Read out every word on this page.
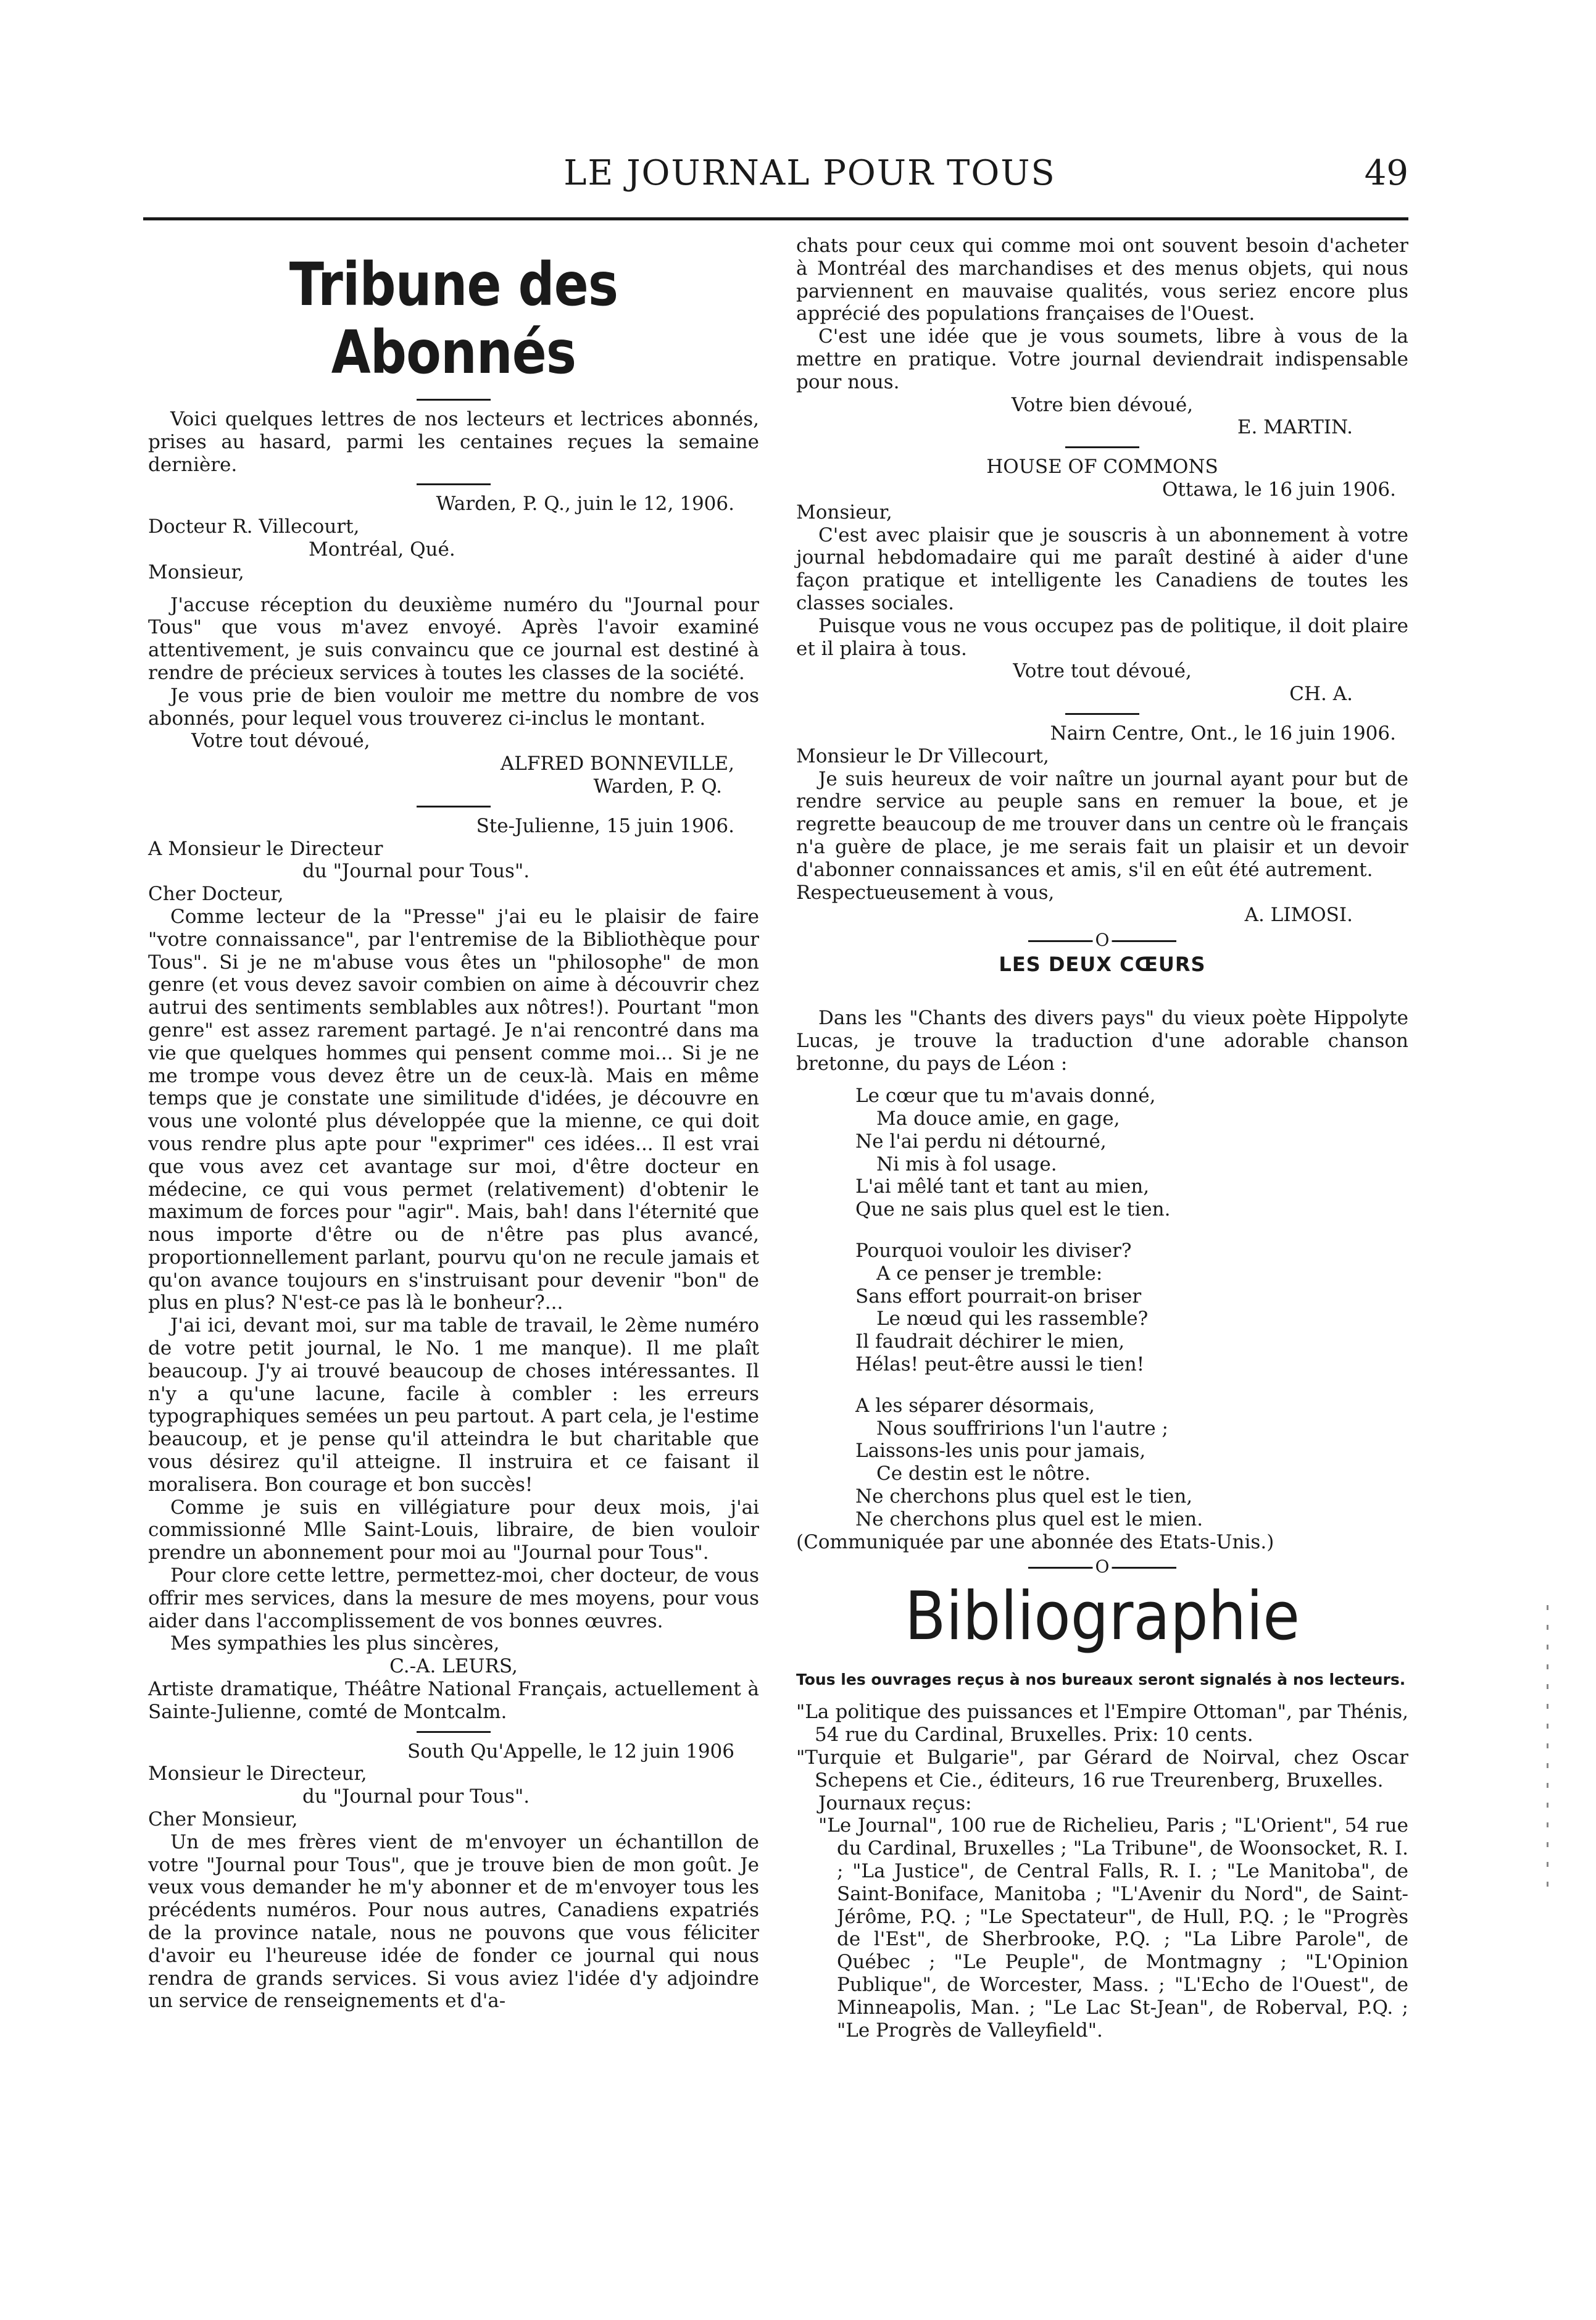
LE JOURNAL POUR TOUS	49
Tribune des Abonnés

Voici quelques lettres de nos lecteurs et lectrices abonnés, prises au hasard, parmi les centaines reçues la semaine dernière.

Warden, P. Q., juin le 12, 1906.

Docteur R. Villecourt,

Montréal, Qué.

Monsieur,

J'accuse réception du deuxième numéro du "Journal pour Tous" que vous m'avez envoyé. Après l'avoir examiné attentivement, je suis convaincu que ce journal est destiné à rendre de précieux services à toutes les classes de la société.

Je vous prie de bien vouloir me mettre du nombre de vos abonnés, pour lequel vous trouverez ci-inclus le montant.

Votre tout dévoué,

ALFRED BONNEVILLE,

Warden, P. Q.

Ste-Julienne, 15 juin 1906.

A Monsieur le Directeur

du "Journal pour Tous".

Cher Docteur,

Comme lecteur de la "Presse" j'ai eu le plaisir de faire "votre connaissance", par l'entremise de la Bibliothèque pour Tous". Si je ne m'abuse vous êtes un "philosophe" de mon genre (et vous devez savoir combien on aime à découvrir chez autrui des sentiments semblables aux nôtres!). Pourtant "mon genre" est assez rarement partagé. Je n'ai rencontré dans ma vie que quelques hommes qui pensent comme moi... Si je ne me trompe vous devez être un de ceux-là. Mais en même temps que je constate une similitude d'idées, je découvre en vous une volonté plus développée que la mienne, ce qui doit vous rendre plus apte pour "exprimer" ces idées... Il est vrai que vous avez cet avantage sur moi, d'être docteur en médecine, ce qui vous permet (relativement) d'obtenir le maximum de forces pour "agir". Mais, bah! dans l'éternité que nous importe d'être ou de n'être pas plus avancé, proportionnellement parlant, pourvu qu'on ne recule jamais et qu'on avance toujours en s'instruisant pour devenir "bon" de plus en plus? N'est-ce pas là le bonheur?...

J'ai ici, devant moi, sur ma table de travail, le 2ème numéro de votre petit journal, le No. 1 me manque). Il me plaît beaucoup. J'y ai trouvé beaucoup de choses intéressantes. Il n'y a qu'une lacune, facile à combler : les erreurs typographiques semées un peu partout. A part cela, je l'estime beaucoup, et je pense qu'il atteindra le but charitable que vous désirez qu'il atteigne. Il instruira et ce faisant il moralisera. Bon courage et bon succès!

Comme je suis en villégiature pour deux mois, j'ai commissionné Mlle Saint-Louis, libraire, de bien vouloir prendre un abonnement pour moi au "Journal pour Tous".

Pour clore cette lettre, permettez-moi, cher docteur, de vous offrir mes services, dans la mesure de mes moyens, pour vous aider dans l'accomplissement de vos bonnes œuvres.

Mes sympathies les plus sincères,

C.-A. LEURS,

Artiste dramatique, Théâtre National Français, actuellement à Sainte-Julienne, comté de Montcalm.

South Qu'Appelle, le 12 juin 1906

Monsieur le Directeur,

du "Journal pour Tous".

Cher Monsieur,

Un de mes frères vient de m'envoyer un échantillon de votre "Journal pour Tous", que je trouve bien de mon goût. Je veux vous demander he m'y abonner et de m'envoyer tous les précédents numéros. Pour nous autres, Canadiens expatriés de la province natale, nous ne pouvons que vous féliciter d'avoir eu l'heureuse idée de fonder ce journal qui nous rendra de grands services. Si vous aviez l'idée d'y adjoindre un service de renseignements et d'a-

chats pour ceux qui comme moi ont souvent besoin d'acheter à Montréal des marchandises et des menus objets, qui nous parviennent en mauvaise qualités, vous seriez encore plus apprécié des populations françaises de l'Ouest.

C'est une idée que je vous soumets, libre à vous de la mettre en pratique. Votre journal deviendrait indispensable pour nous.

Votre bien dévoué,

E. MARTIN.

HOUSE OF COMMONS

Ottawa, le 16 juin 1906.

Monsieur,

C'est avec plaisir que je souscris à un abonnement à votre journal hebdomadaire qui me paraît destiné à aider d'une façon pratique et intelligente les Canadiens de toutes les classes sociales.

Puisque vous ne vous occupez pas de politique, il doit plaire et il plaira à tous.

Votre tout dévoué,

CH. A.

Nairn Centre, Ont., le 16 juin 1906.

Monsieur le Dr Villecourt,

Je suis heureux de voir naître un journal ayant pour but de rendre service au peuple sans en remuer la boue, et je regrette beaucoup de me trouver dans un centre où le français n'a guère de place, je me serais fait un plaisir et un devoir d'abonner connaissances et amis, s'il en eût été autrement.

Respectueusement à vous,

A. LIMOSI.

O
LES DEUX CŒURS

Dans les "Chants des divers pays" du vieux poète Hippolyte Lucas, je trouve la traduction d'une adorable chanson bretonne, du pays de Léon :

Le cœur que tu m'avais donné,

Ma douce amie, en gage,

Ne l'ai perdu ni détourné,

Ni mis à fol usage.

L'ai mêlé tant et tant au mien,

Que ne sais plus quel est le tien.

Pourquoi vouloir les diviser?

A ce penser je tremble:

Sans effort pourrait-on briser

Le nœud qui les rassemble?

Il faudrait déchirer le mien,

Hélas! peut-être aussi le tien!

A les séparer désormais,

Nous souffririons l'un l'autre ;

Laissons-les unis pour jamais,

Ce destin est le nôtre.

Ne cherchons plus quel est le tien,

Ne cherchons plus quel est le mien.

(Communiquée par une abonnée des Etats-Unis.)

O
Bibliographie

Tous les ouvrages reçus à nos bureaux seront signalés à nos lecteurs.

"La politique des puissances et l'Empire Ottoman", par Thénis, 54 rue du Cardinal, Bruxelles. Prix: 10 cents.

"Turquie et Bulgarie", par Gérard de Noirval, chez Oscar Schepens et Cie., éditeurs, 16 rue Treurenberg, Bruxelles.

Journaux reçus:

"Le Journal", 100 rue de Richelieu, Paris ; "L'Orient", 54 rue du Cardinal, Bruxelles ; "La Tribune", de Woonsocket, R. I. ; "La Justice", de Central Falls, R. I. ; "Le Manitoba", de Saint-Boniface, Manitoba ; "L'Avenir du Nord", de Saint-Jérôme, P.Q. ; "Le Spectateur", de Hull, P.Q. ; le "Progrès de l'Est", de Sherbrooke, P.Q. ; "La Libre Parole", de Québec ; "Le Peuple", de Montmagny ; "L'Opinion Publique", de Worcester, Mass. ; "L'Echo de l'Ouest", de Minneapolis, Man. ; "Le Lac St-Jean", de Roberval, P.Q. ; "Le Progrès de Valleyfield".
